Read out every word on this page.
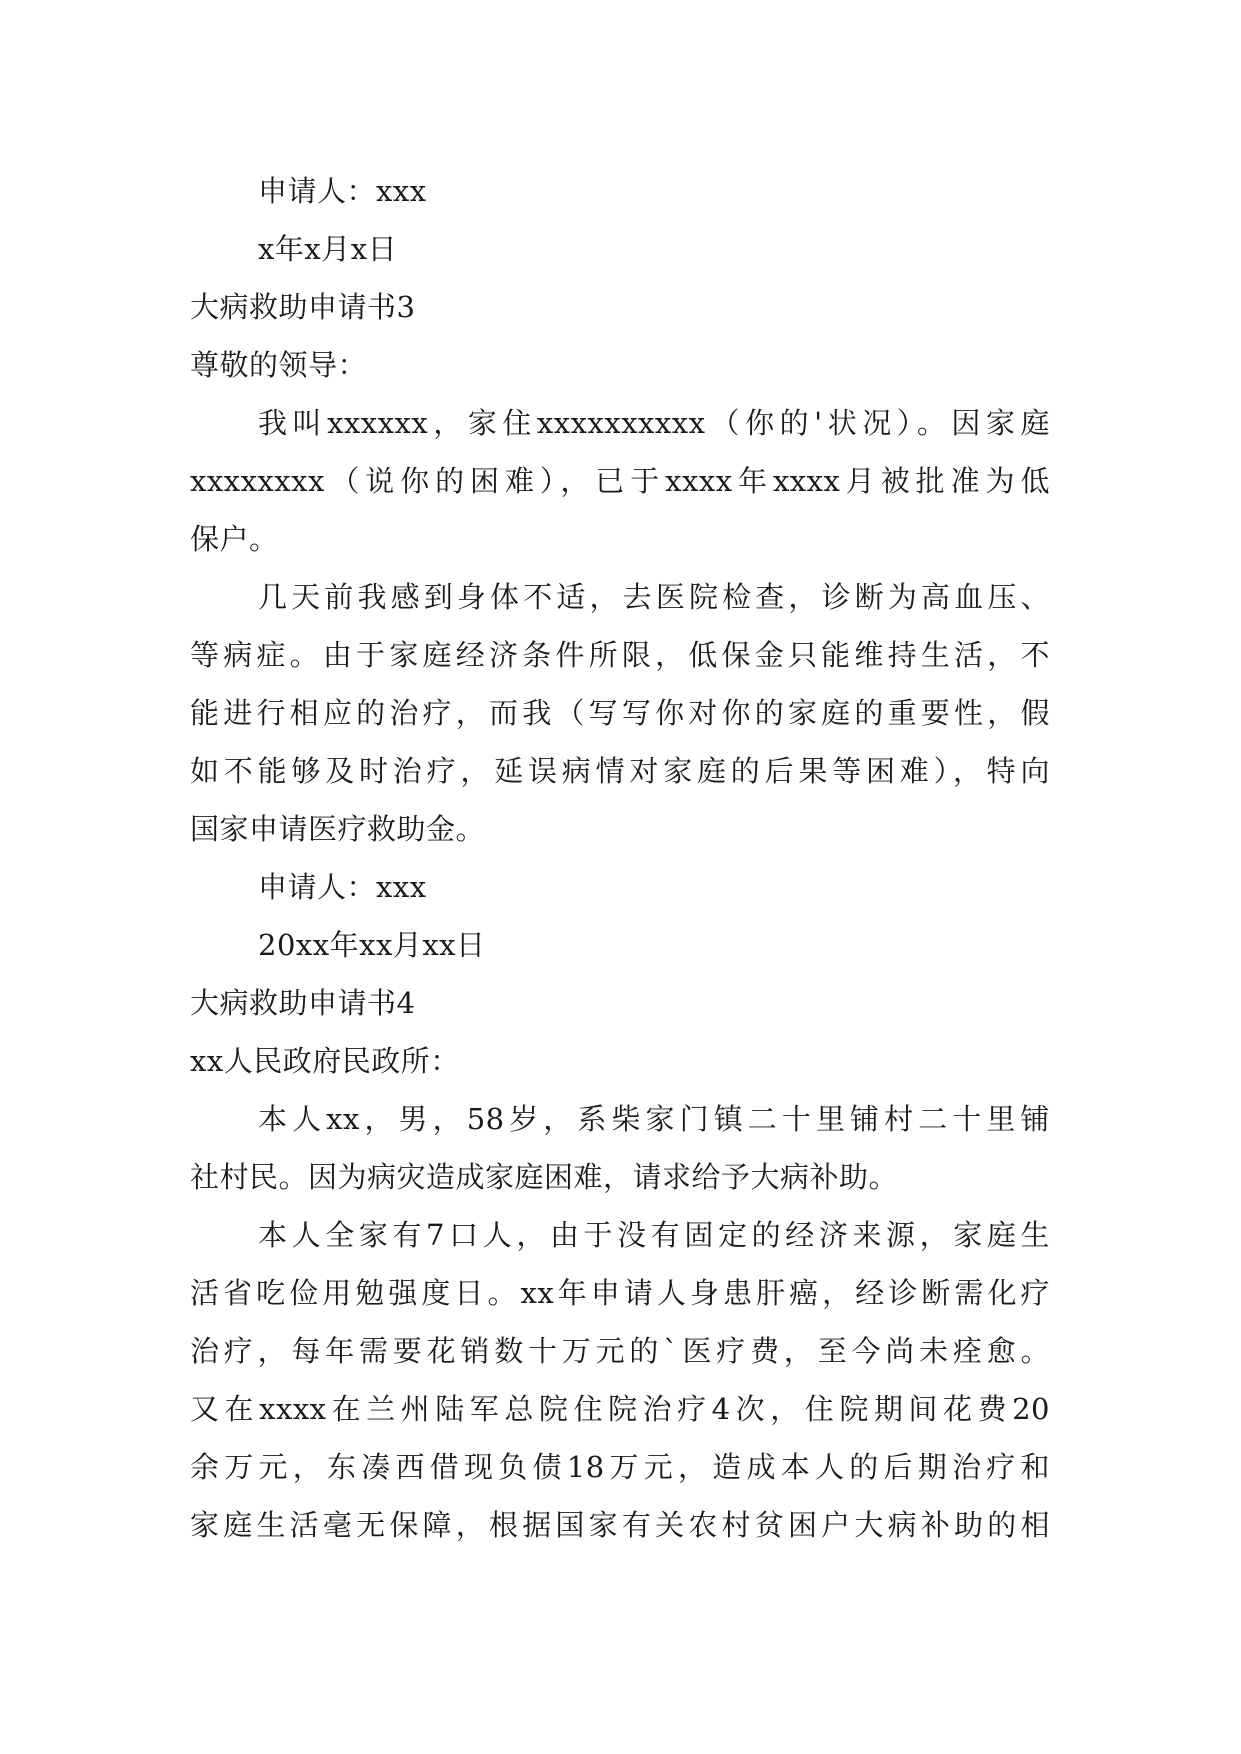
申请人：xxx
x年x月x日
大病救助申请书3
尊敬的领导：
我叫xxxxxx，家住xxxxxxxxxx（你的'状况）。因家庭
xxxxxxxx（说你的困难），已于xxxx年xxxx月被批准为低
保户。
几天前我感到身体不适，去医院检查，诊断为高血压、
等病症。由于家庭经济条件所限，低保金只能维持生活，不
能进行相应的治疗，而我（写写你对你的家庭的重要性，假
如不能够及时治疗，延误病情对家庭的后果等困难），特向
国家申请医疗救助金。
申请人：xxx
20xx年xx月xx日
大病救助申请书4
xx人民政府民政所：
本人xx，男，58岁，系柴家门镇二十里铺村二十里铺
社村民。因为病灾造成家庭困难，请求给予大病补助。
本人全家有7口人，由于没有固定的经济来源，家庭生
活省吃俭用勉强度日。xx年申请人身患肝癌，经诊断需化疗
治疗，每年需要花销数十万元的`医疗费，至今尚未痊愈。
又在xxxx在兰州陆军总院住院治疗4次，住院期间花费20
余万元，东凑西借现负债18万元，造成本人的后期治疗和
家庭生活毫无保障，根据国家有关农村贫困户大病补助的相
